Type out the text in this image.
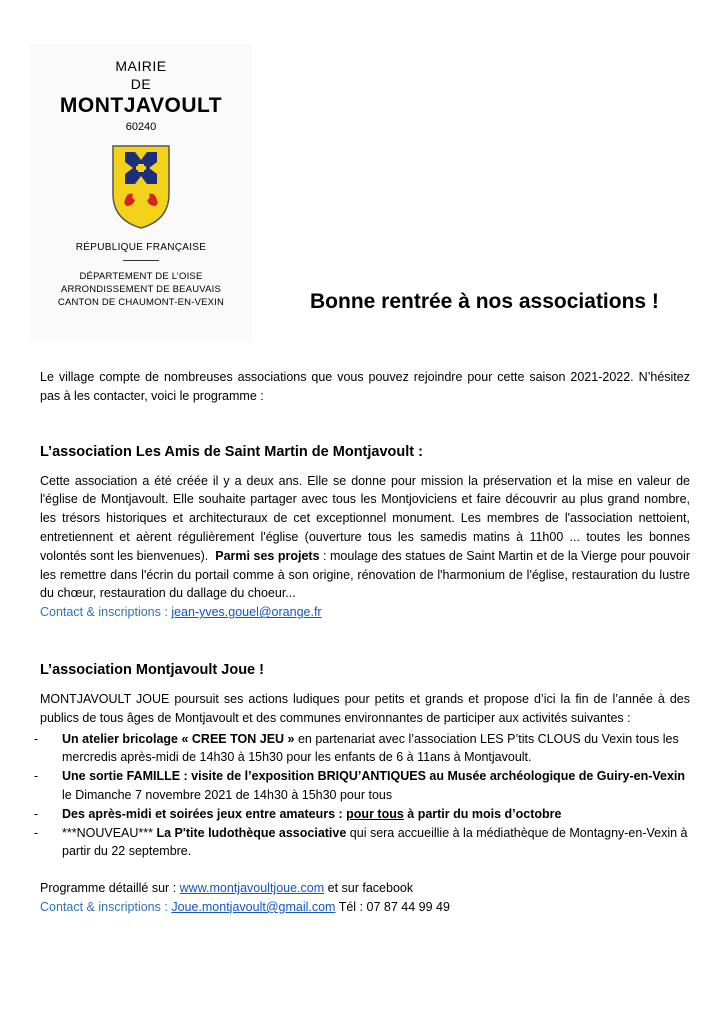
MAIRIE
DE
MONTJAVOULT
60240
RÉPUBLIQUE FRANÇAISE
DÉPARTEMENT DE L’OISE
ARRONDISSEMENT DE BEAUVAIS
CANTON DE CHAUMONT-EN-VEXIN	Bonne rentrée à nos associations !

Le village compte de nombreuses associations que vous pouvez rejoindre pour cette saison 2021-2022. N’hésitez pas à les contacter, voici le programme :

L’association Les Amis de Saint Martin de Montjavoult :

Cette association a été créée il y a deux ans. Elle se donne pour mission la préservation et la mise en valeur de l'église de Montjavoult. Elle souhaite partager avec tous les Montjoviciens et faire découvrir au plus grand nombre, les trésors historiques et architecturaux de cet exceptionnel monument. Les membres de l'association nettoient, entretiennent et aèrent régulièrement l'église (ouverture tous les samedis matins à 11h00 ... toutes les bonnes volontés sont les bienvenues). Parmi ses projets : moulage des statues de Saint Martin et de la Vierge pour pouvoir les remettre dans l'écrin du portail comme à son origine, rénovation de l'harmonium de l'église, restauration du lustre du chœur, restauration du dallage du choeur...

Contact & inscriptions : jean-yves.gouel@orange.fr

L’association Montjavoult Joue !

MONTJAVOULT JOUE poursuit ses actions ludiques pour petits et grands et propose d’ici la fin de l’année à des publics de tous âges de Montjavoult et des communes environnantes de participer aux activités suivantes :

- Un atelier bricolage « CREE TON JEU » en partenariat avec l’association LES P’tits CLOUS du Vexin tous les mercredis après-midi de 14h30 à 15h30 pour les enfants de 6 à 11ans à Montjavoult.
- Une sortie FAMILLE : visite de l’exposition BRIQU’ANTIQUES au Musée archéologique de Guiry-en-Vexin le Dimanche 7 novembre 2021 de 14h30 à 15h30 pour tous
- Des après-midi et soirées jeux entre amateurs : pour tous à partir du mois d’octobre
- ***NOUVEAU*** La P'tite ludothèque associative qui sera accueillie à la médiathèque de Montagny-en-Vexin à partir du 22 septembre.

Programme détaillé sur : www.montjavoultjoue.com et sur facebook

Contact & inscriptions : Joue.montjavoult@gmail.com Tél : 07 87 44 99 49
